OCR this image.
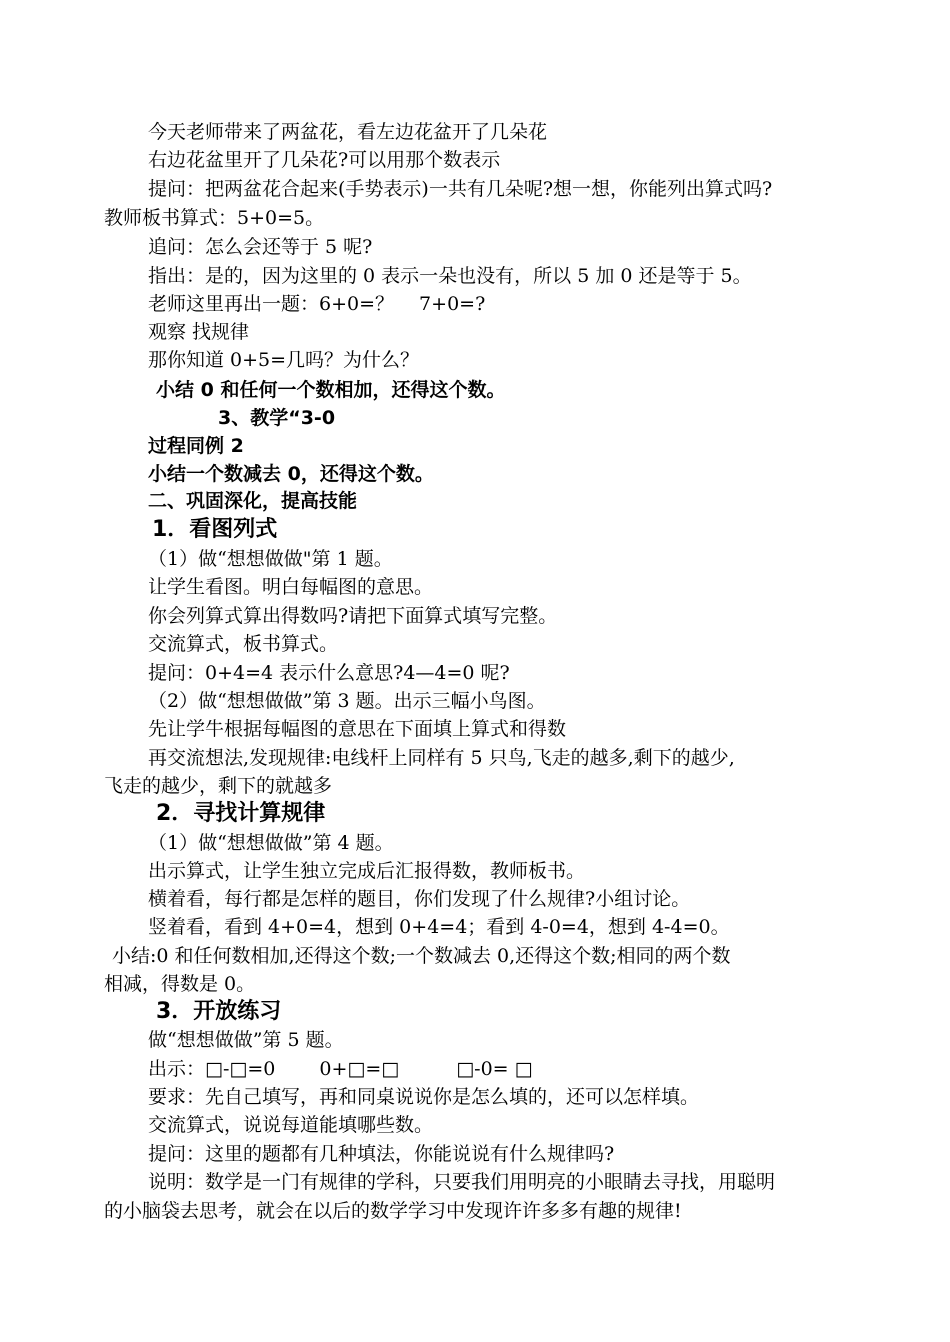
今天老师带来了两盆花，看左边花盆开了几朵花
右边花盆里开了几朵花?可以用那个数表示
提问：把两盆花合起来(手势表示)一共有几朵呢?想一想，你能列出算式吗?
教师板书算式：5+0=5。
追问：怎么会还等于 5 呢?
指出：是的，因为这里的 0 表示一朵也没有，所以 5 加 0 还是等于 5。
老师这里再出一题：6+0=？　 7+0=?
观察 找规律
那你知道 0+5=几吗？为什么？
小结 0 和任何一个数相加，还得这个数。
3、教学“3-0
过程同例 2
小结一个数减去 0，还得这个数。
二、巩固深化，提高技能
1．看图列式
（1）做“想想做做"第 1 题。
让学生看图。明白每幅图的意思。
你会列算式算出得数吗?请把下面算式填写完整。
交流算式，板书算式。
提问：0+4=4 表示什么意思?4—4=0 呢?
（2）做“想想做做”第 3 题。出示三幅小鸟图。
先让学牛根据每幅图的意思在下面填上算式和得数
再交流想法,发现规律:电线杆上同样有 5 只鸟,飞走的越多,剩下的越少,
飞走的越少，剩下的就越多
2．寻找计算规律
（1）做“想想做做”第 4 题。
出示算式，让学生独立完成后汇报得数，教师板书。
横着看，每行都是怎样的题目，你们发现了什么规律?小组讨论。
竖着看，看到 4+0=4，想到 0+4=4；看到 4-0=4，想到 4-4=0。
小结:0 和任何数相加,还得这个数;一个数减去 0,还得这个数;相同的两个数
相减，得数是 0。
3．开放练习
做“想想做做”第 5 题。
出示：□-□=0　　 0+□=□　　　□-0= □
要求：先自己填写，再和同桌说说你是怎么填的，还可以怎样填。
交流算式，说说每道能填哪些数。
提问：这里的题都有几种填法，你能说说有什么规律吗?
说明：数学是一门有规律的学科，只要我们用明亮的小眼睛去寻找，用聪明
的小脑袋去思考，就会在以后的数学学习中发现许许多多有趣的规律!
